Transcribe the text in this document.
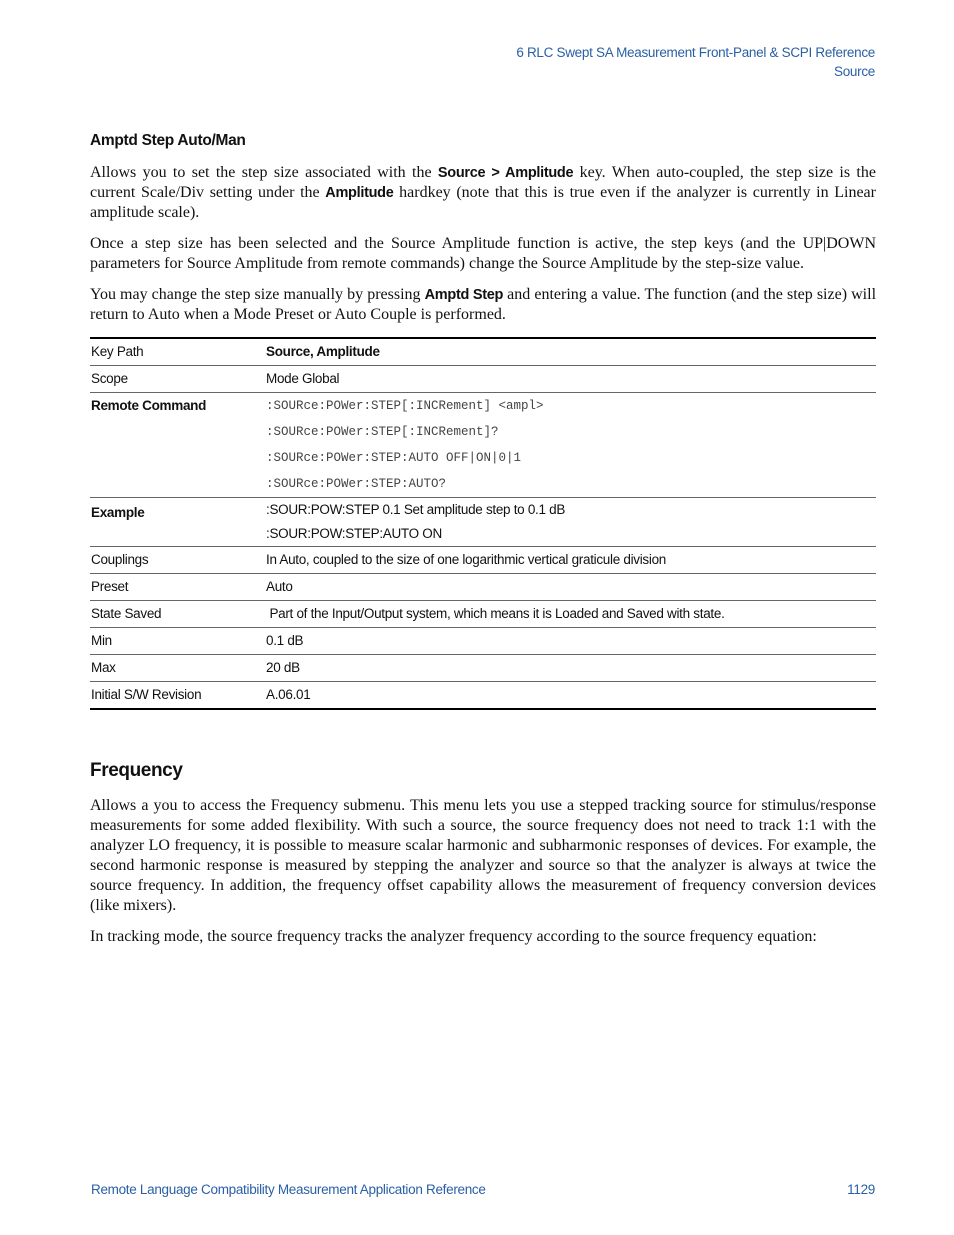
6 RLC Swept SA Measurement Front-Panel & SCPI Reference
Source
Amptd Step Auto/Man

Allows you to set the step size associated with the Source > Amplitude key. When auto-coupled, the step size is the current Scale/Div setting under the Amplitude hardkey (note that this is true even if the analyzer is currently in Linear amplitude scale).

Once a step size has been selected and the Source Amplitude function is active, the step keys (and the UP|DOWN parameters for Source Amplitude from remote commands) change the Source Amplitude by the step-size value.

You may change the step size manually by pressing Amptd Step and entering a value. The function (and the step size) will return to Auto when a Mode Preset or Auto Couple is performed.

Key Path	Source, Amplitude
Scope	Mode Global
Remote Command	:SOURce:POWer:STEP[:INCRement] <ampl>
:SOURce:POWer:STEP[:INCRement]?
:SOURce:POWer:STEP:AUTO OFF|ON|0|1
:SOURce:POWer:STEP:AUTO?

Example	:SOUR:POW:STEP 0.1 Set amplitude step to 0.1 dB
:SOUR:POW:STEP:AUTO ON

Couplings	In Auto, coupled to the size of one logarithmic vertical graticule division
Preset	Auto
State Saved	Part of the Input/Output system, which means it is Loaded and Saved with state.
Min	0.1 dB
Max	20 dB
Initial S/W Revision	A.06.01
Frequency

Allows a you to access the Frequency submenu. This menu lets you use a stepped tracking source for stimulus/response measurements for some added flexibility. With such a source, the source frequency does not need to track 1:1 with the analyzer LO frequency, it is possible to measure scalar harmonic and subharmonic responses of devices. For example, the second harmonic response is measured by stepping the analyzer and source so that the analyzer is always at twice the source frequency. In addition, the frequency offset capability allows the measurement of frequency conversion devices (like mixers).

In tracking mode, the source frequency tracks the analyzer frequency according to the source frequency equation:

Remote Language Compatibility Measurement Application Reference	1129
